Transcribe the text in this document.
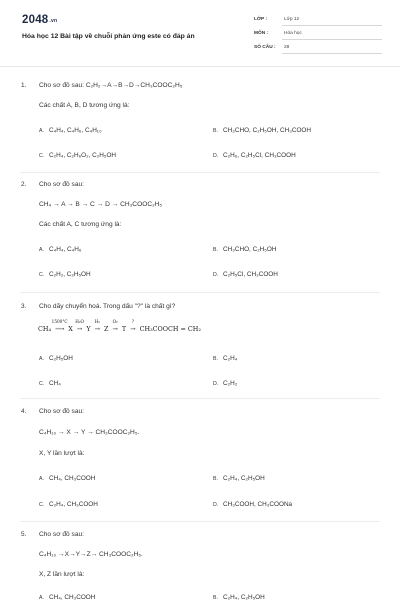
$2048^{.vn}$
Hóa học 12 Bài tập về chuỗi phản ứng este có đáp án
LỚP :	Lớp 12
MÔN :	Hóa học
SỐ CÂU : 28
1. Cho sơ đồ sau: C₂H₂→A→B→D→CH₃COOC₂H₅
Các chất A, B, D tương ứng là:
A. C₄H₄, C₄H₆, C₄H₁₀	B. CH₃CHO, C₂H₅OH, CH₃COOH
C. C₂H₄, C₂H₆O₂, C₂H₅OH	D. C₂H₆, C₂H₅Cl, CH₃COOH
2. Cho sơ đồ sau:
CH₄ → A → B → C → D → CH₃COOC₂H₅
Các chất A, C tương ứng là:
A. C₄H₄, C₄H₆	B. CH₃CHO, C₂H₅OH
C. C₂H₂, C₂H₅OH	D. C₂H₅Cl, CH₃COOH
3. Cho dãy chuyển hoá. Trong dấu "?" là chất gì?
CH₄ ⟶
1500°C
X →
H₂O
Y →
H₂
Z →
O₂
T →
?
CH₃COOCH = CH₂
A. C₂H₅OH	B. C₂H₄
C. CH₄	D. C₂H₂
4. Cho sơ đồ sau:
C₄H₁₀ → X → Y → CH₃COOC₂H₅.
X, Y lần lượt là:
A. CH₄, CH₃COOH	B. C₂H₄, C₂H₅OH
C. C₂H₄, CH₃COOH	D. CH₃COOH, CH₃COONa
5. Cho sơ đồ sau:
C₄H₁₀ →X→Y→Z→ CH₃COOC₂H₅.
X, Z lần lượt là:
A. CH₄, CH₃COOH	B. C₂H₄, C₂H₅OH
